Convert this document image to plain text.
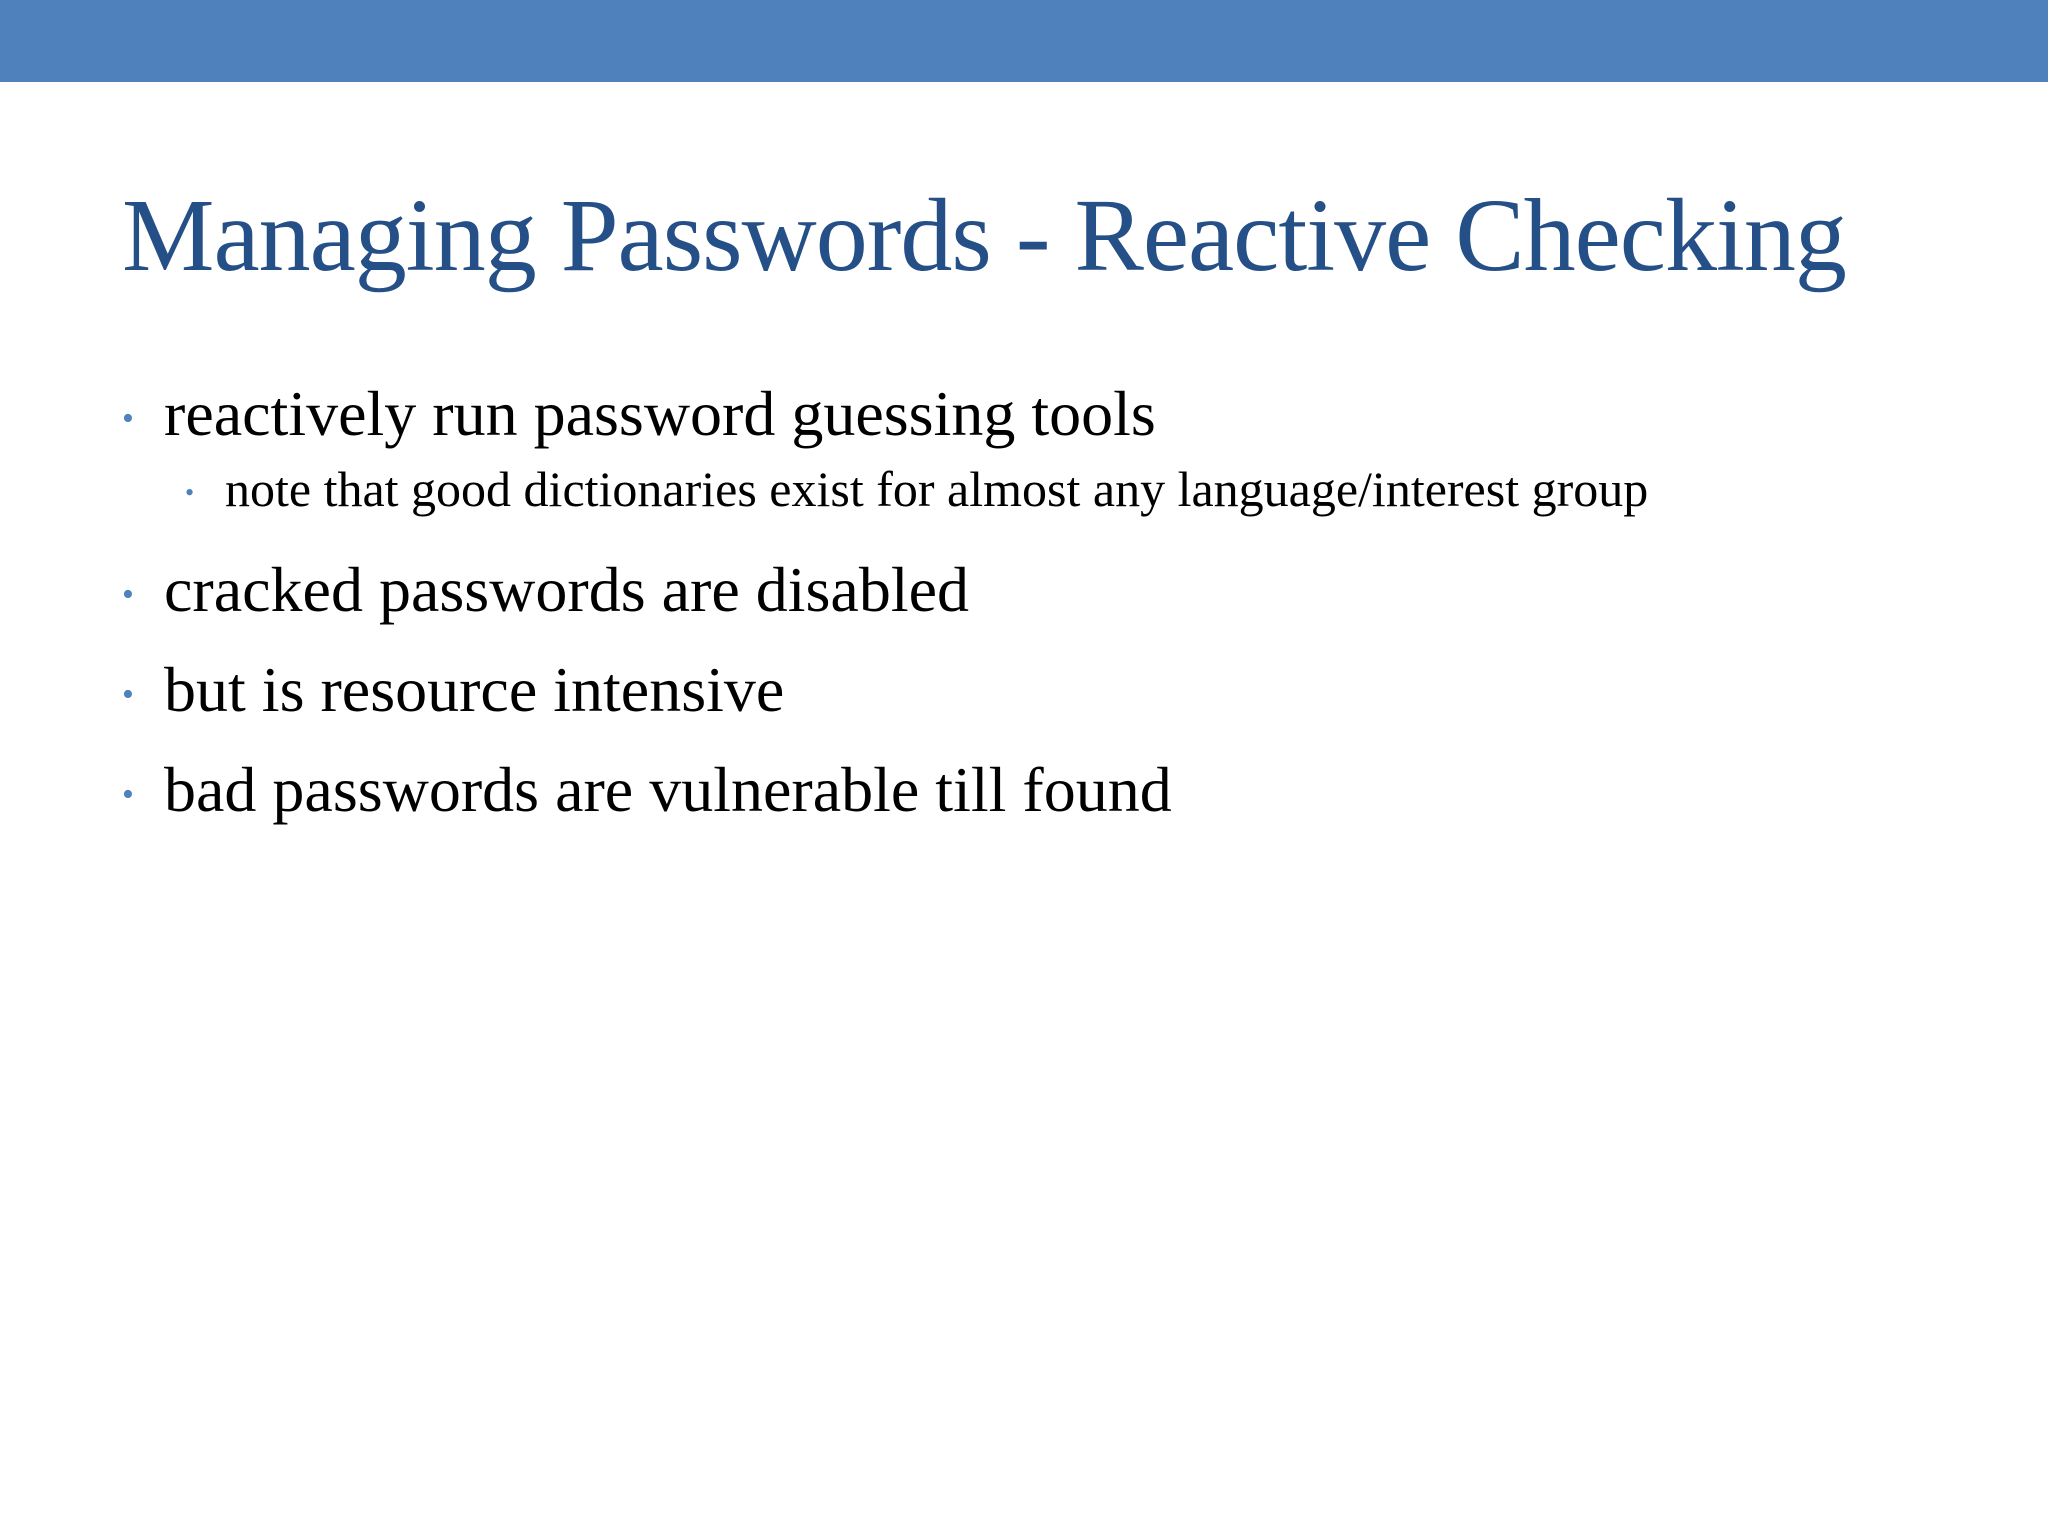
Managing Passwords - Reactive Checking
• reactively run password guessing tools
• note that good dictionaries exist for almost any language/interest group
• cracked passwords are disabled
• but is resource intensive
• bad passwords are vulnerable till found
